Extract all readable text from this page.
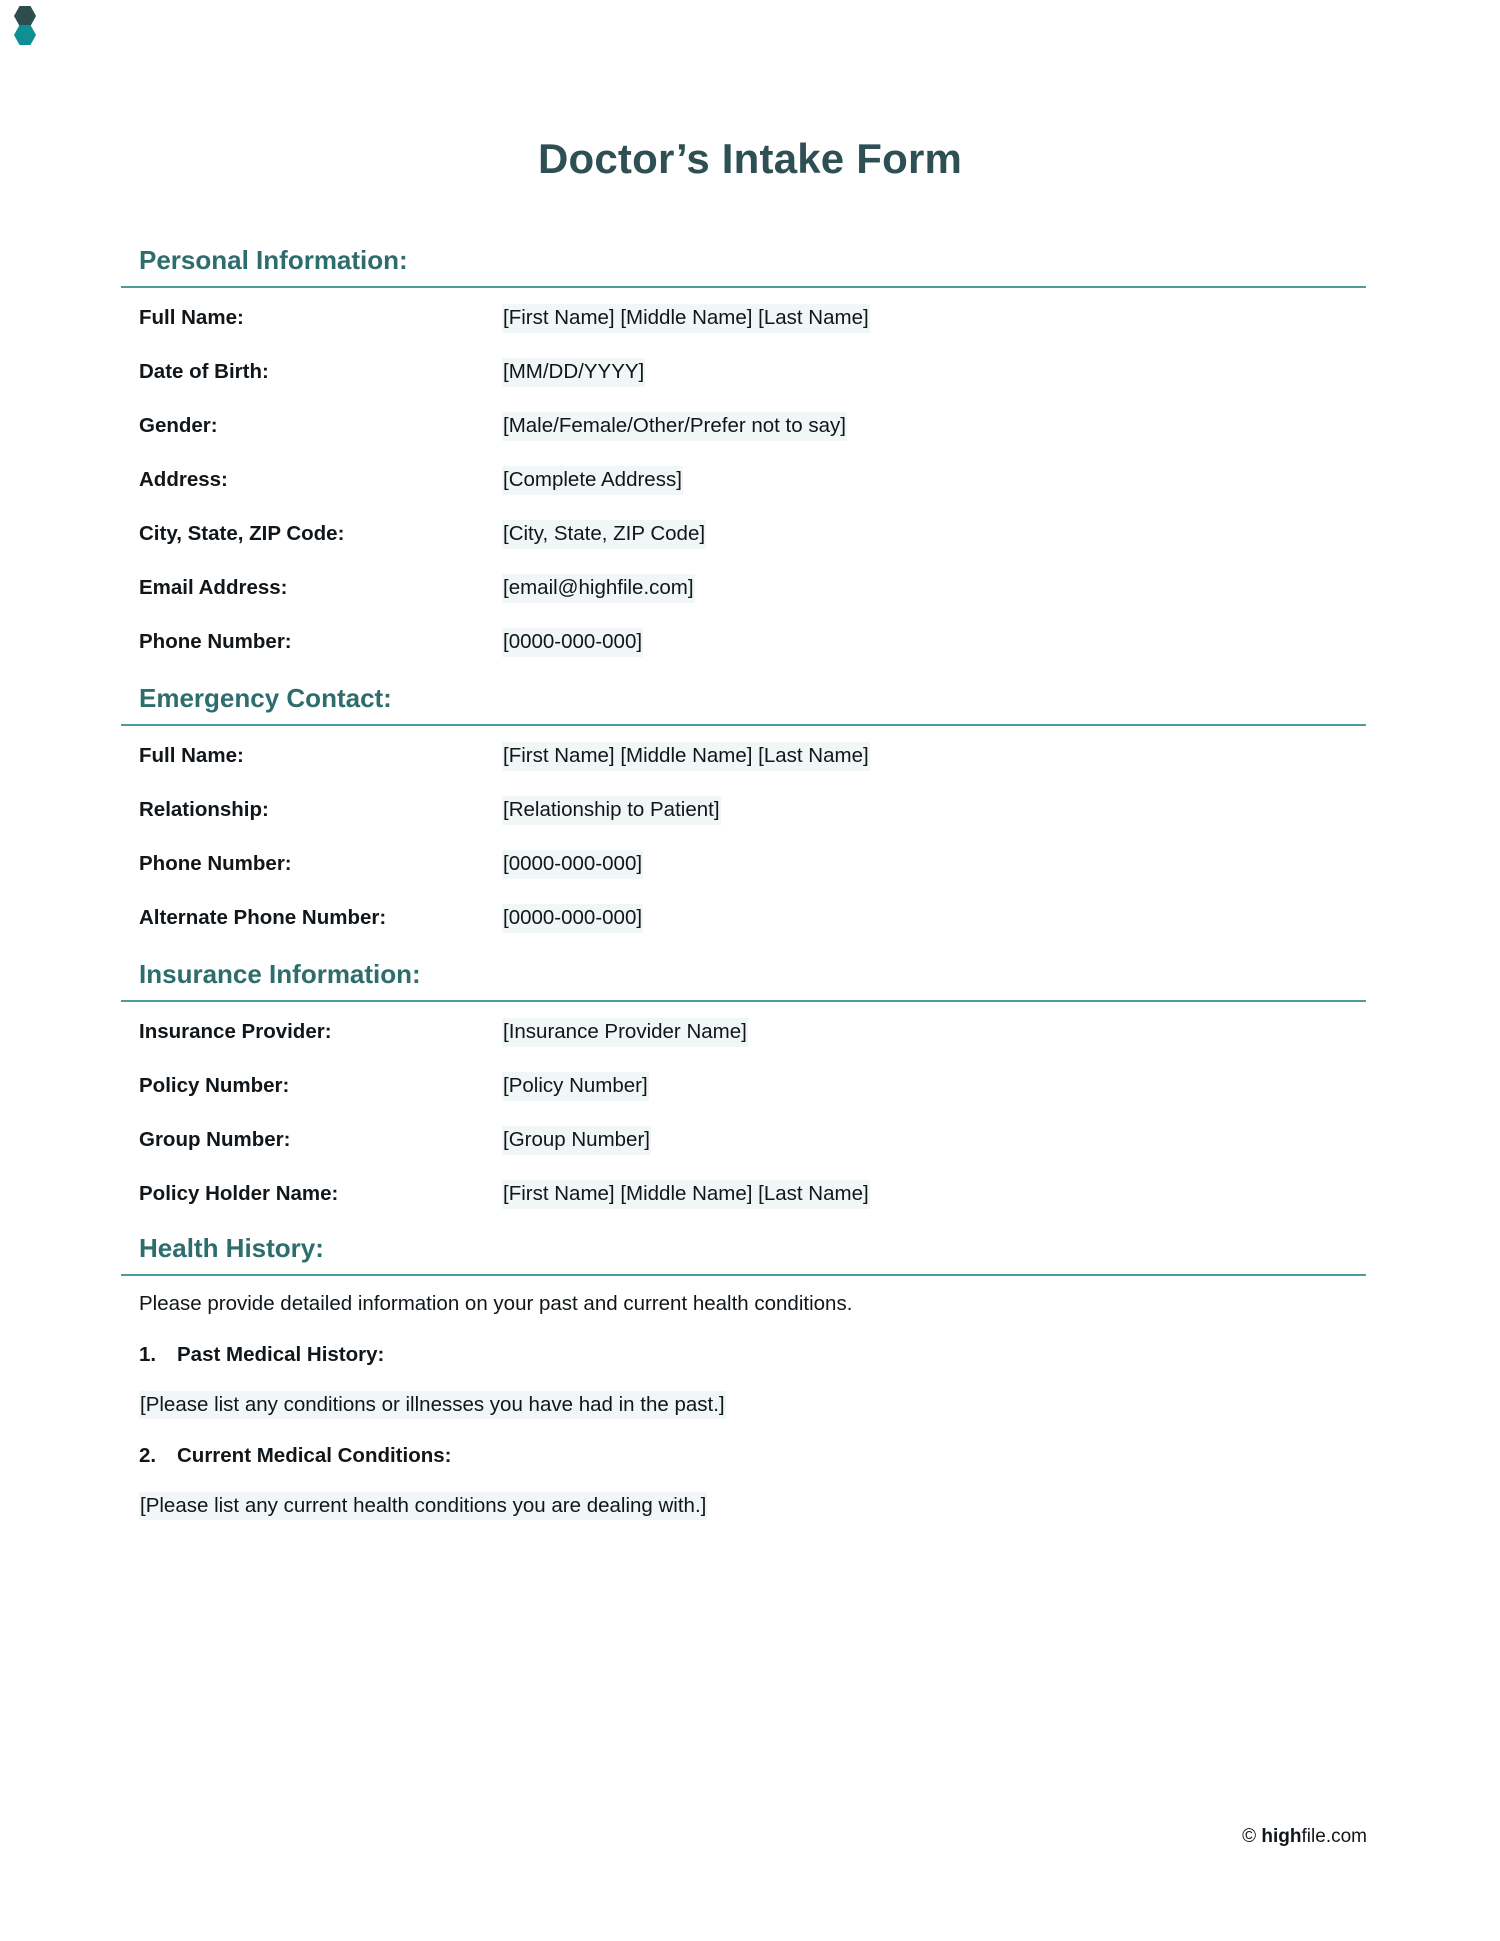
Doctor’s Intake Form
Personal Information:
Full Name:	[First Name] [Middle Name] [Last Name]
Date of Birth:	[MM/DD/YYYY]
Gender:	[Male/Female/Other/Prefer not to say]
Address:	[Complete Address]
City, State, ZIP Code:	[City, State, ZIP Code]
Email Address:	[email@highfile.com]
Phone Number:	[0000-000-000]
Emergency Contact:
Full Name:	[First Name] [Middle Name] [Last Name]
Relationship:	[Relationship to Patient]
Phone Number:	[0000-000-000]
Alternate Phone Number:	[0000-000-000]
Insurance Information:
Insurance Provider:	[Insurance Provider Name]
Policy Number:	[Policy Number]
Group Number:	[Group Number]
Policy Holder Name:	[First Name] [Middle Name] [Last Name]
Health History:
Please provide detailed information on your past and current health conditions.
1.	Past Medical History:
[Please list any conditions or illnesses you have had in the past.]
2.	Current Medical Conditions:
[Please list any current health conditions you are dealing with.]
© highfile.com
